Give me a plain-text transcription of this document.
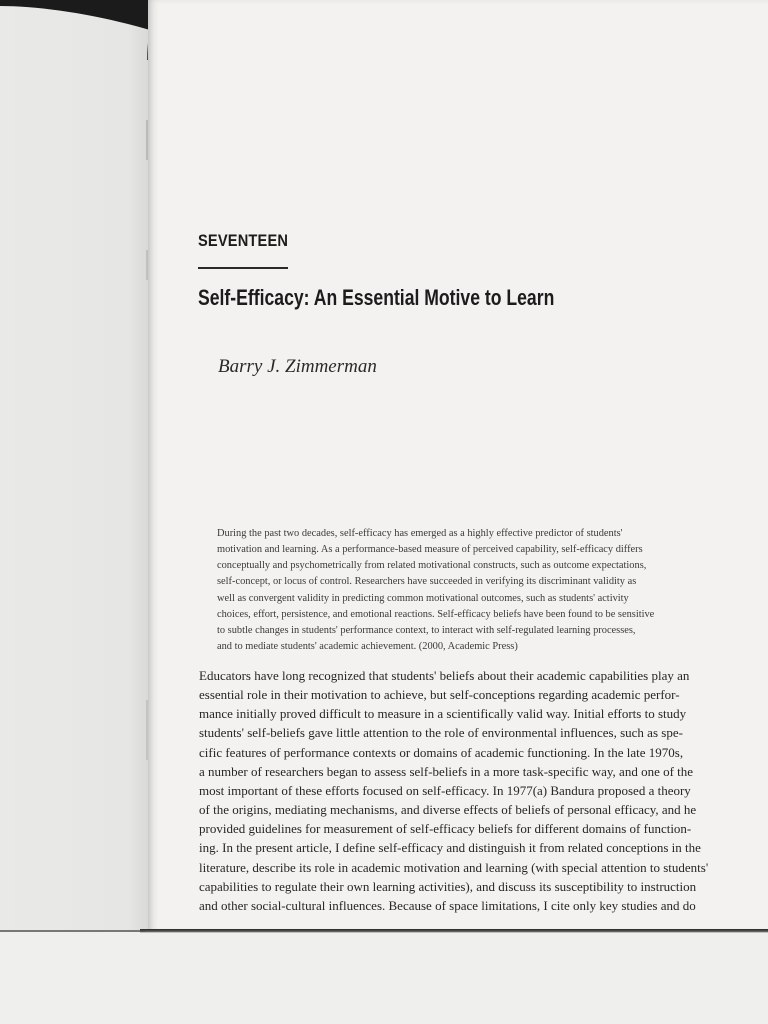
SEVENTEEN
Self-Efficacy: An Essential Motive to Learn
Barry J. Zimmerman
During the past two decades, self-efficacy has emerged as a highly effective predictor of students'
motivation and learning. As a performance-based measure of perceived capability, self-efficacy differs
conceptually and psychometrically from related motivational constructs, such as outcome expectations,
self-concept, or locus of control. Researchers have succeeded in verifying its discriminant validity as
well as convergent validity in predicting common motivational outcomes, such as students' activity
choices, effort, persistence, and emotional reactions. Self-efficacy beliefs have been found to be sensitive
to subtle changes in students' performance context, to interact with self-regulated learning processes,
and to mediate students' academic achievement. (2000, Academic Press)
Educators have long recognized that students' beliefs about their academic capabilities play an
essential role in their motivation to achieve, but self-conceptions regarding academic perfor-
mance initially proved difficult to measure in a scientifically valid way. Initial efforts to study
students' self-beliefs gave little attention to the role of environmental influences, such as spe-
cific features of performance contexts or domains of academic functioning. In the late 1970s,
a number of researchers began to assess self-beliefs in a more task-specific way, and one of the
most important of these efforts focused on self-efficacy. In 1977(a) Bandura proposed a theory
of the origins, mediating mechanisms, and diverse effects of beliefs of personal efficacy, and he
provided guidelines for measurement of self-efficacy beliefs for different domains of function-
ing. In the present article, I define self-efficacy and distinguish it from related conceptions in the
literature, describe its role in academic motivation and learning (with special attention to students'
capabilities to regulate their own learning activities), and discuss its susceptibility to instruction
and other social-cultural influences. Because of space limitations, I cite only key studies and do
